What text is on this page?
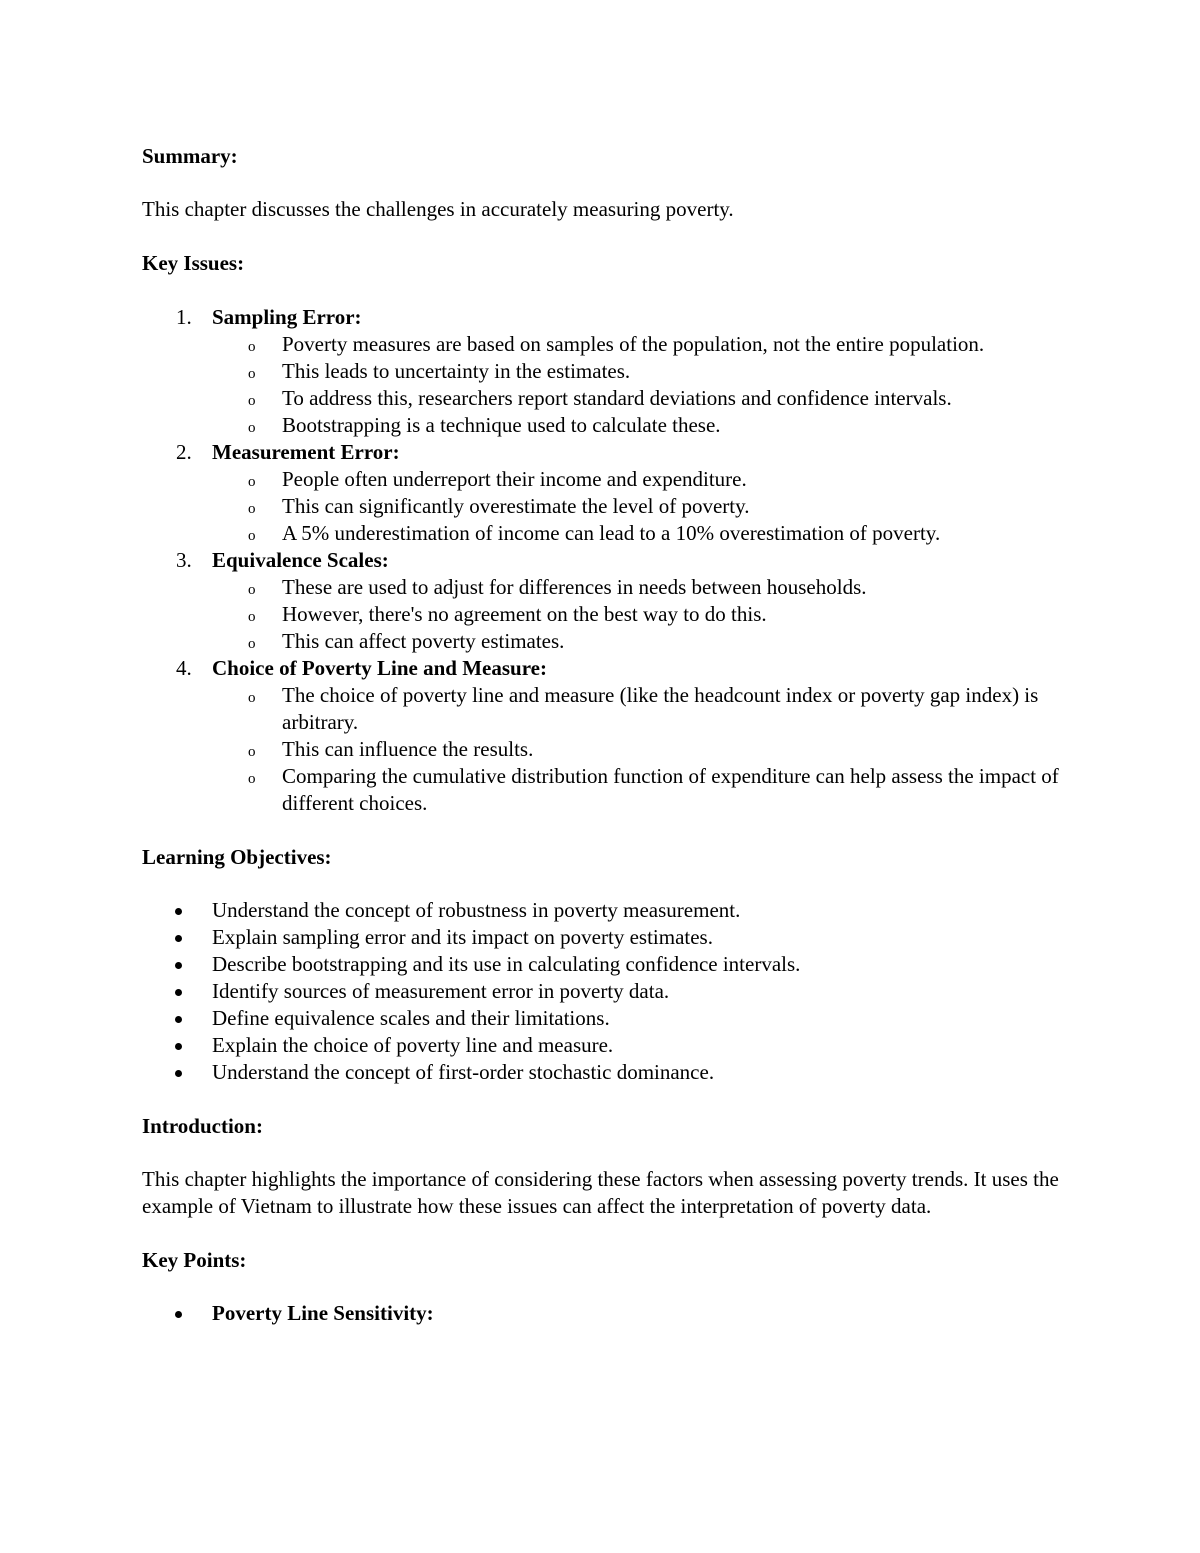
Summary:

This chapter discusses the challenges in accurately measuring poverty.

Key Issues:

1. Sampling Error:
o Poverty measures are based on samples of the population, not the entire population.
o This leads to uncertainty in the estimates.
o To address this, researchers report standard deviations and confidence intervals.
o Bootstrapping is a technique used to calculate these.
2. Measurement Error:
o People often underreport their income and expenditure.
o This can significantly overestimate the level of poverty.
o A 5% underestimation of income can lead to a 10% overestimation of poverty.
3. Equivalence Scales:
o These are used to adjust for differences in needs between households.
o However, there's no agreement on the best way to do this.
o This can affect poverty estimates.
4. Choice of Poverty Line and Measure:
o The choice of poverty line and measure (like the headcount index or poverty gap index) is arbitrary.
o This can influence the results.
o Comparing the cumulative distribution function of expenditure can help assess the impact of different choices.

Learning Objectives:

Understand the concept of robustness in poverty measurement.
Explain sampling error and its impact on poverty estimates.
Describe bootstrapping and its use in calculating confidence intervals.
Identify sources of measurement error in poverty data.
Define equivalence scales and their limitations.
Explain the choice of poverty line and measure.
Understand the concept of first-order stochastic dominance.

Introduction:

This chapter highlights the importance of considering these factors when assessing poverty trends. It uses the example of Vietnam to illustrate how these issues can affect the interpretation of poverty data.

Key Points:

Poverty Line Sensitivity:
